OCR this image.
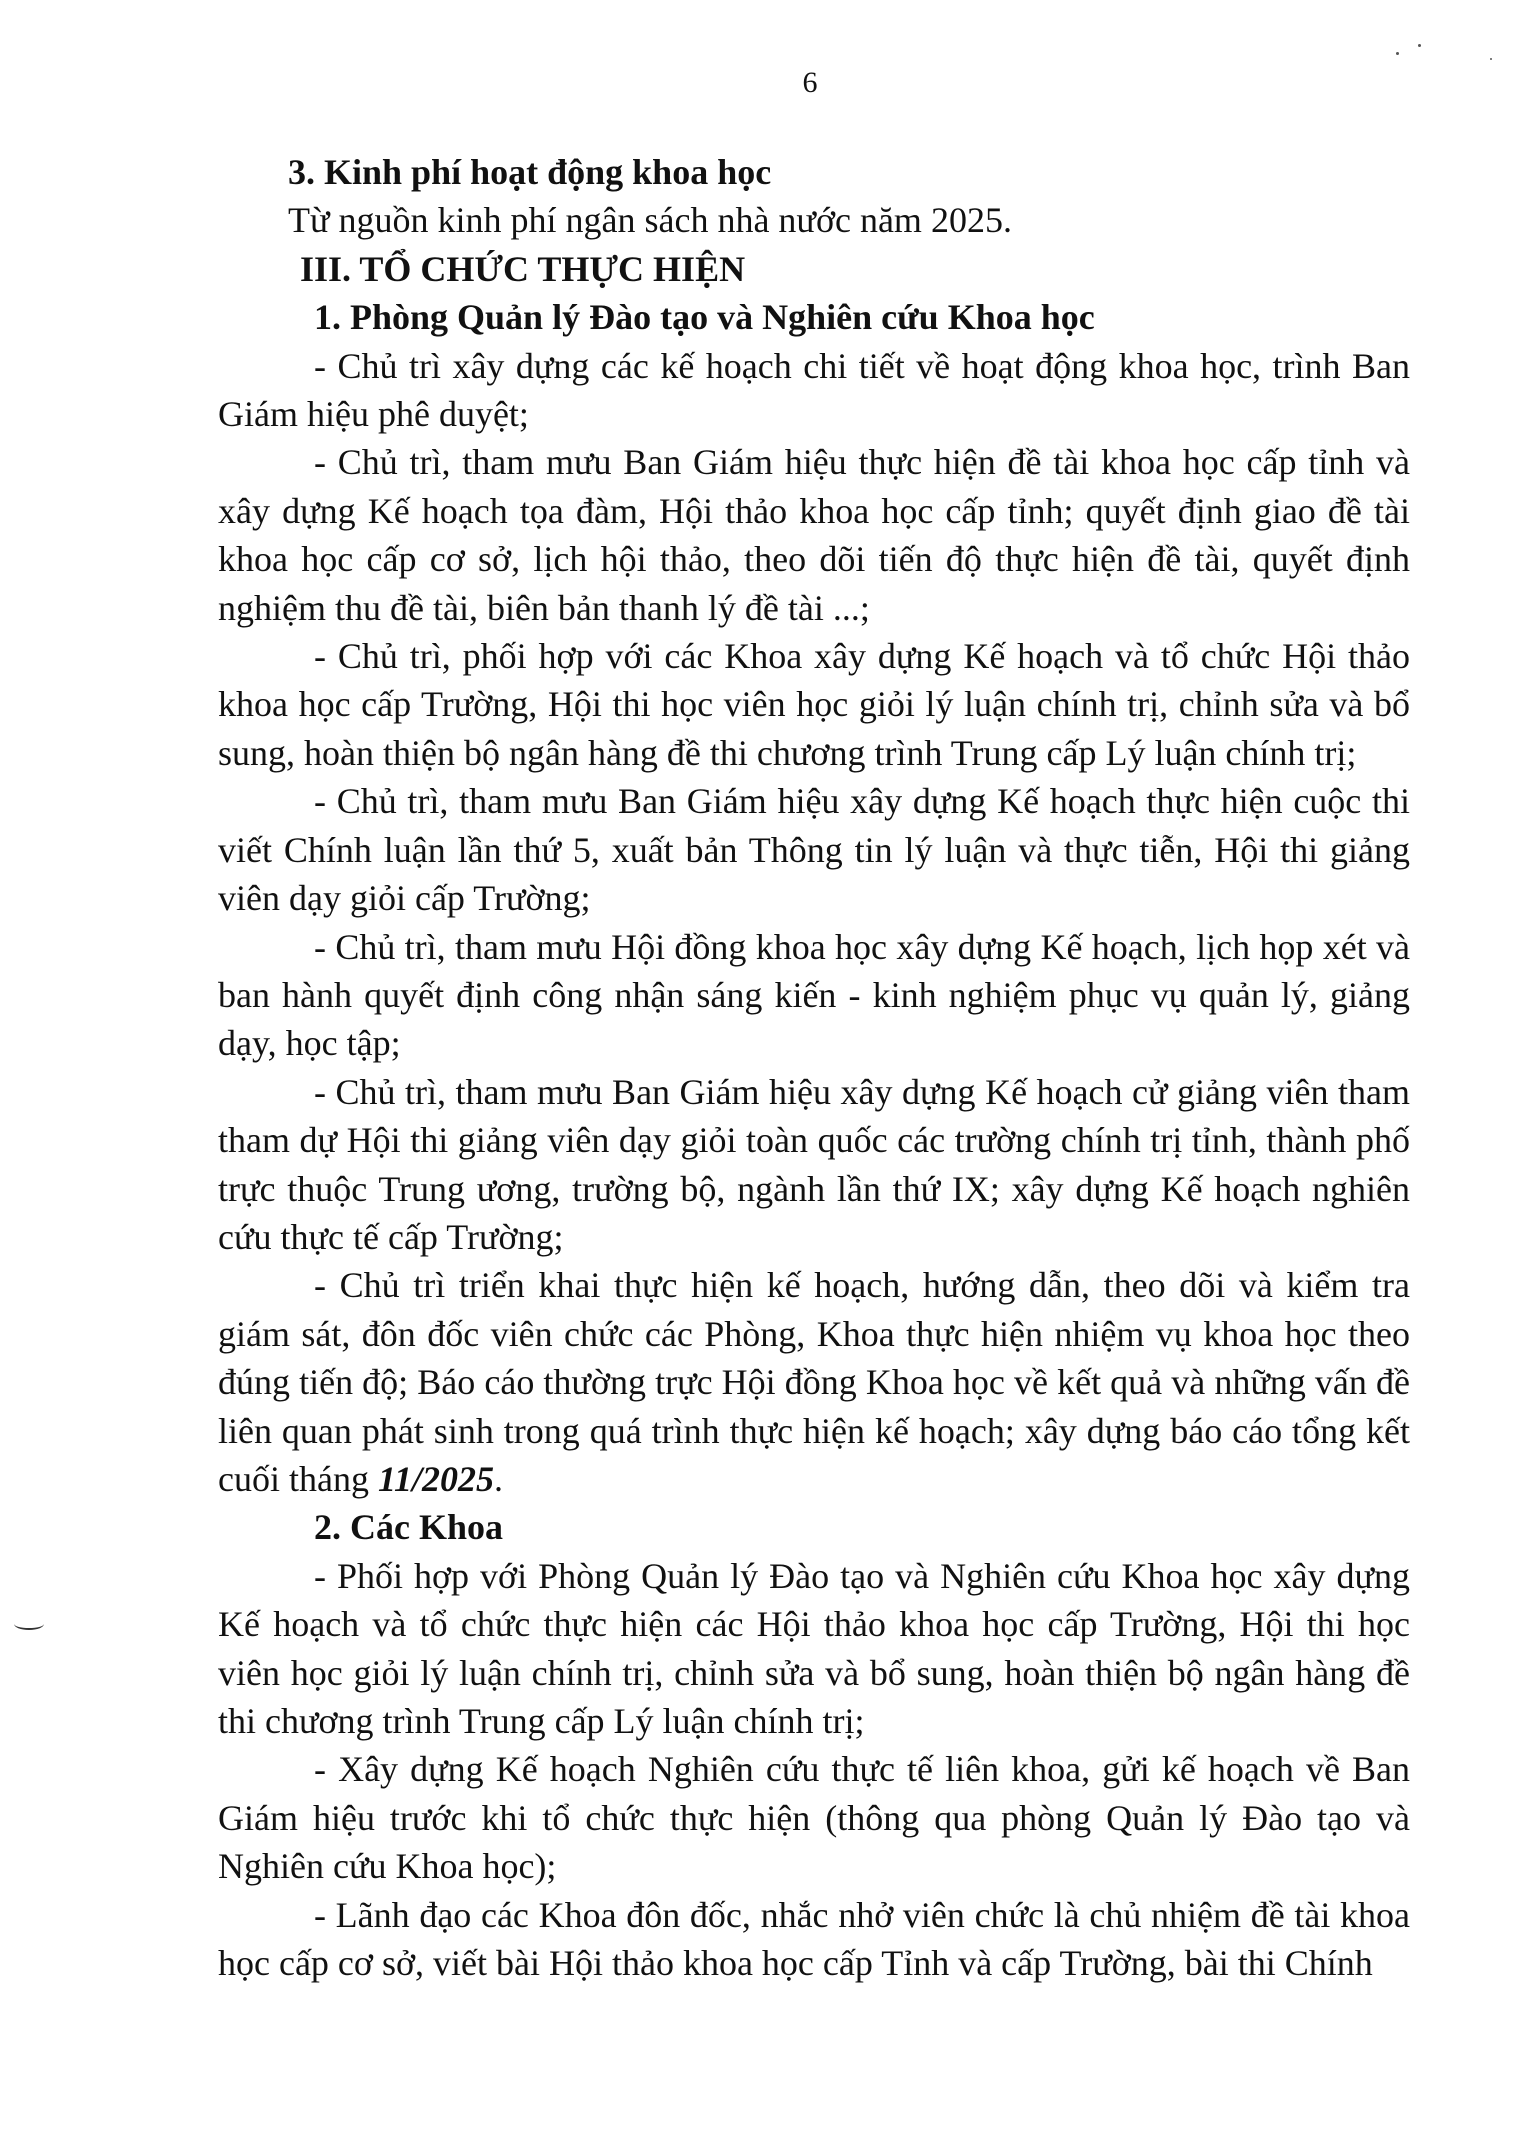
6

3. Kinh phí hoạt động khoa học

Từ nguồn kinh phí ngân sách nhà nước năm 2025.

III. TỔ CHỨC THỰC HIỆN

1. Phòng Quản lý Đào tạo và Nghiên cứu Khoa học

- Chủ trì xây dựng các kế hoạch chi tiết về hoạt động khoa học, trình Ban Giám hiệu phê duyệt;

- Chủ trì, tham mưu Ban Giám hiệu thực hiện đề tài khoa học cấp tỉnh và xây dựng Kế hoạch tọa đàm, Hội thảo khoa học cấp tỉnh; quyết định giao đề tài khoa học cấp cơ sở, lịch hội thảo, theo dõi tiến độ thực hiện đề tài, quyết định nghiệm thu đề tài, biên bản thanh lý đề tài ...;

- Chủ trì, phối hợp với các Khoa xây dựng Kế hoạch và tổ chức Hội thảo khoa học cấp Trường, Hội thi học viên học giỏi lý luận chính trị, chỉnh sửa và bổ sung, hoàn thiện bộ ngân hàng đề thi chương trình Trung cấp Lý luận chính trị;

- Chủ trì, tham mưu Ban Giám hiệu xây dựng Kế hoạch thực hiện cuộc thi viết Chính luận lần thứ 5, xuất bản Thông tin lý luận và thực tiễn, Hội thi giảng viên dạy giỏi cấp Trường;

- Chủ trì, tham mưu Hội đồng khoa học xây dựng Kế hoạch, lịch họp xét và ban hành quyết định công nhận sáng kiến - kinh nghiệm phục vụ quản lý, giảng dạy, học tập;

- Chủ trì, tham mưu Ban Giám hiệu xây dựng Kế hoạch cử giảng viên tham tham dự Hội thi giảng viên dạy giỏi toàn quốc các trường chính trị tỉnh, thành phố trực thuộc Trung ương, trường bộ, ngành lần thứ IX; xây dựng Kế hoạch nghiên cứu thực tế cấp Trường;

- Chủ trì triển khai thực hiện kế hoạch, hướng dẫn, theo dõi và kiểm tra giám sát, đôn đốc viên chức các Phòng, Khoa thực hiện nhiệm vụ khoa học theo đúng tiến độ; Báo cáo thường trực Hội đồng Khoa học về kết quả và những vấn đề liên quan phát sinh trong quá trình thực hiện kế hoạch; xây dựng báo cáo tổng kết cuối tháng 11/2025.

2. Các Khoa

- Phối hợp với Phòng Quản lý Đào tạo và Nghiên cứu Khoa học xây dựng Kế hoạch và tổ chức thực hiện các Hội thảo khoa học cấp Trường, Hội thi học viên học giỏi lý luận chính trị, chỉnh sửa và bổ sung, hoàn thiện bộ ngân hàng đề thi chương trình Trung cấp Lý luận chính trị;

- Xây dựng Kế hoạch Nghiên cứu thực tế liên khoa, gửi kế hoạch về Ban Giám hiệu trước khi tổ chức thực hiện (thông qua phòng Quản lý Đào tạo và Nghiên cứu Khoa học);

- Lãnh đạo các Khoa đôn đốc, nhắc nhở viên chức là chủ nhiệm đề tài khoa học cấp cơ sở, viết bài Hội thảo khoa học cấp Tỉnh và cấp Trường, bài thi Chính
